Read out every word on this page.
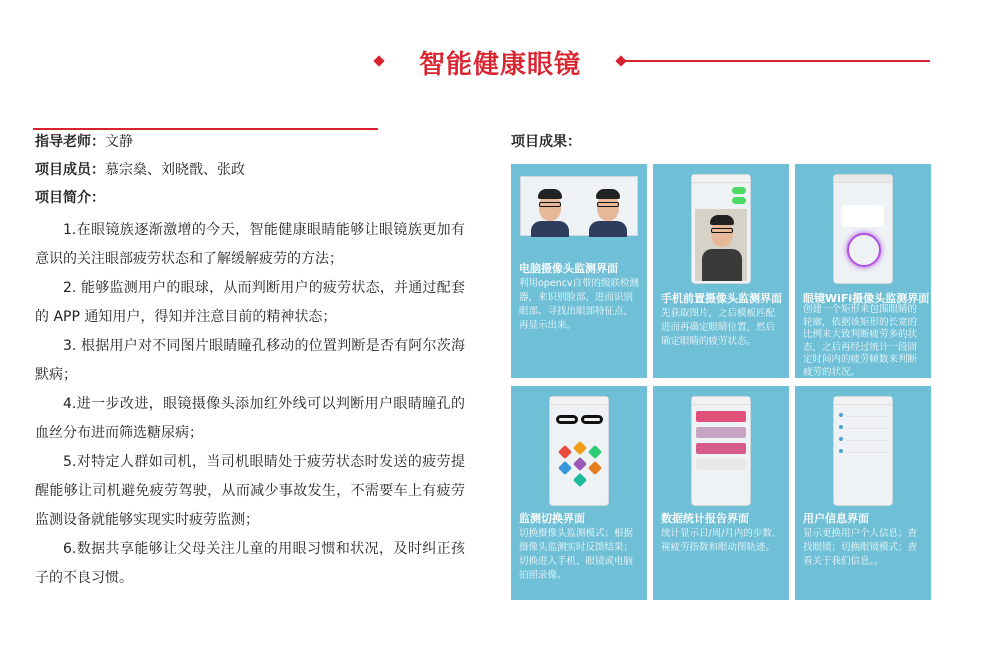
智能健康眼镜
指导老师：文静
项目成员：慕宗燊、刘晓戬、张政
项目简介：

1.在眼镜族逐渐激增的今天，智能健康眼睛能够让眼镜族更加有意识的关注眼部疲劳状态和了解缓解疲劳的方法；

2. 能够监测用户的眼球，从而判断用户的疲劳状态，并通过配套的 APP 通知用户，得知并注意目前的精神状态；

3. 根据用户对不同图片眼睛瞳孔移动的位置判断是否有阿尔茨海默病；

4.进一步改进，眼镜摄像头添加红外线可以判断用户眼睛瞳孔的血丝分布进而筛选糖尿病；

5.对特定人群如司机，当司机眼睛处于疲劳状态时发送的疲劳提醒能够让司机避免疲劳驾驶，从而减少事故发生，不需要车上有疲劳监测设备就能够实现实时疲劳监测；

6.数据共享能够让父母关注儿童的用眼习惯和状况，及时纠正孩子的不良习惯。

项目成果：
电脑摄像头监测界面
利用opencv自带的级联检测器，来识别脸部，进而识别眼部。寻找出眼部特征点，再显示出来。
手机前置摄像头监测界面
先获取图片，之后模板匹配进而再确定眼睛位置，然后确定眼睛的疲劳状态。
眼镜WiFi摄像头监测界面
创建一个矩形来包围眼睛的轮廓，依据该矩形的长宽的比例来大致判断疲劳多的状态，之后再经过统计一段固定时间内的疲劳帧数来判断疲劳的状况。
监测切换界面
切换摄像头监测模式；根据摄像头监测实时反馈结果；切换进入手机、眼镜或电脑拍照录像。
数据统计报告界面
统计显示日/周/月内的步数、视疲劳指数和眼动图轨迹。
用户信息界面
显示更换用户个人信息；查找眼镜；切换眼镜模式；查看关于我们信息。。
